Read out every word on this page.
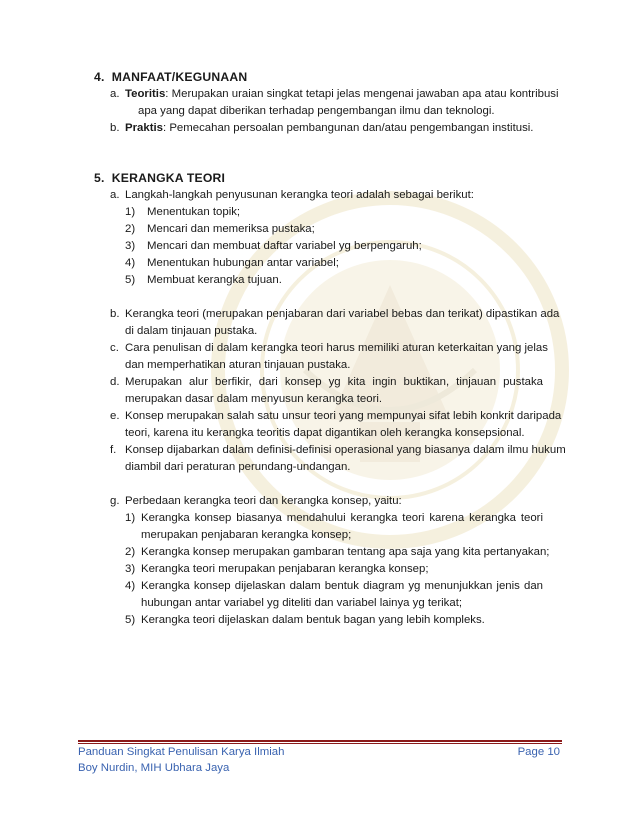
4.  MANFAAT/KEGUNAAN
a. Teoritis: Merupakan uraian singkat tetapi jelas mengenai jawaban apa atau kontribusi
apa yang dapat diberikan terhadap pengembangan ilmu dan teknologi.
b. Praktis: Pemecahan persoalan pembangunan dan/atau pengembangan institusi.
5.  KERANGKA TEORI
a. Langkah-langkah penyusunan kerangka teori adalah sebagai berikut:
1) Menentukan topik;
2) Mencari dan memeriksa pustaka;
3) Mencari dan membuat daftar variabel yg berpengaruh;
4) Menentukan hubungan antar variabel;
5) Membuat kerangka tujuan.
b. Kerangka teori (merupakan penjabaran dari variabel bebas dan terikat) dipastikan ada
di dalam tinjauan pustaka.
c. Cara penulisan di dalam kerangka teori harus memiliki aturan keterkaitan yang jelas
dan memperhatikan aturan tinjauan pustaka.
d. Merupakan alur berfikir, dari konsep yg kita ingin buktikan, tinjauan pustaka
merupakan dasar dalam menyusun kerangka teori.
e. Konsep merupakan salah satu unsur teori yang mempunyai sifat lebih konkrit daripada
teori, karena itu kerangka teoritis dapat digantikan oleh kerangka konsepsional.
f. Konsep dijabarkan dalam definisi-definisi operasional yang biasanya dalam ilmu hukum
diambil dari peraturan perundang-undangan.
g. Perbedaan kerangka teori dan kerangka konsep, yaitu:
1) Kerangka konsep biasanya mendahului kerangka teori karena kerangka teori
merupakan penjabaran kerangka konsep;
2) Kerangka konsep merupakan gambaran tentang apa saja yang kita pertanyakan;
3) Kerangka teori merupakan penjabaran kerangka konsep;
4) Kerangka konsep dijelaskan dalam bentuk diagram yg menunjukkan jenis dan
hubungan antar variabel yg diteliti dan variabel lainya yg terikat;
5) Kerangka teori dijelaskan dalam bentuk bagan yang lebih kompleks.
Panduan Singkat Penulisan Karya Ilmiah	Page 10
Boy Nurdin, MIH Ubhara Jaya
